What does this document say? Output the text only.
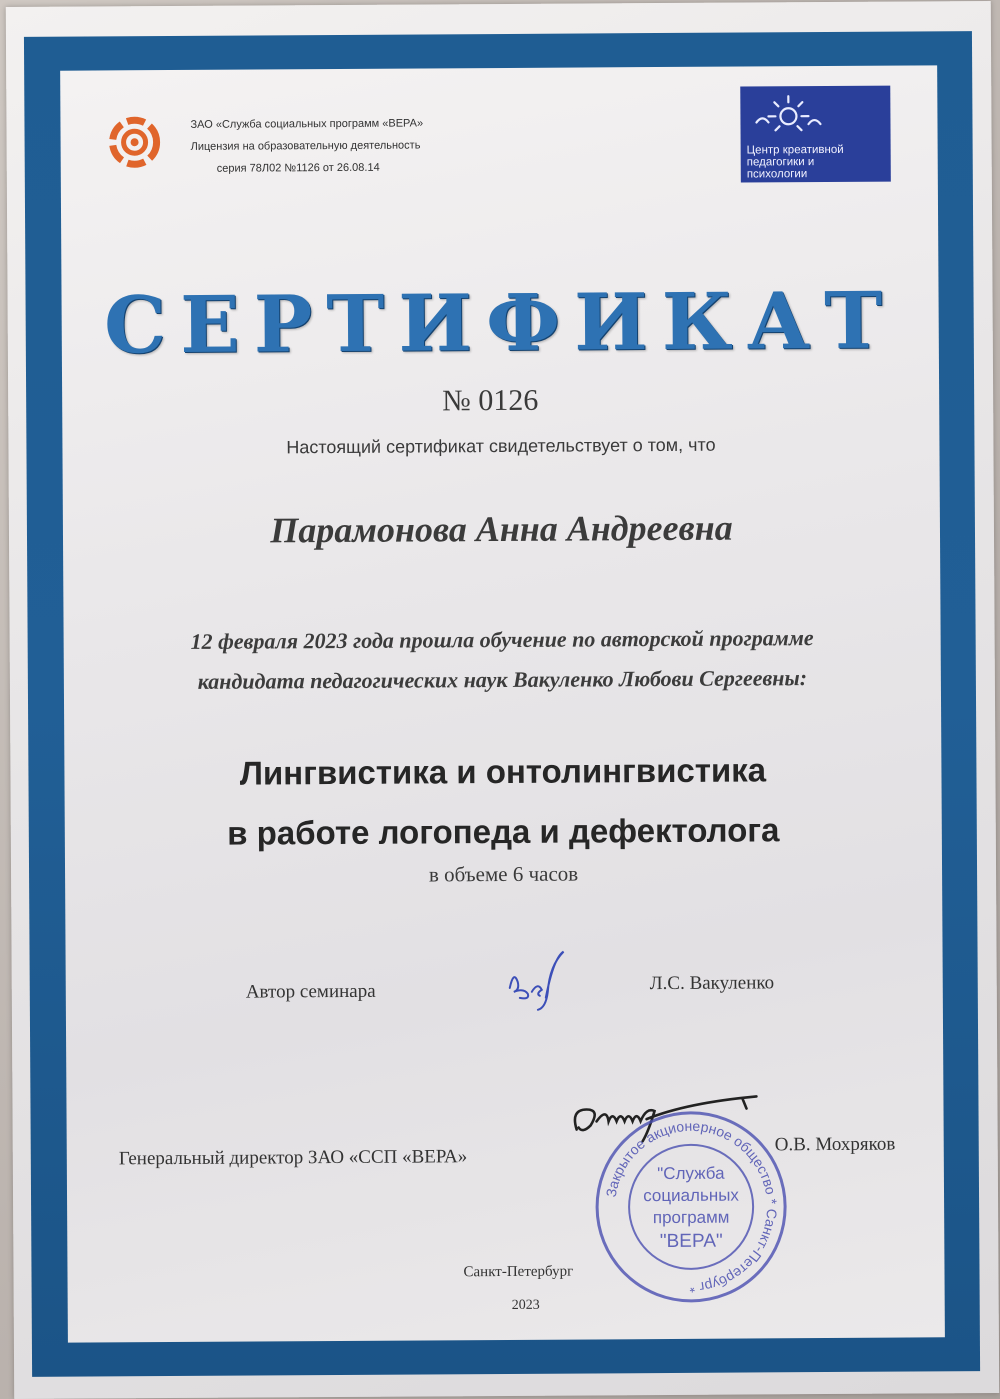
ЗАО «Служба социальных программ «ВЕРА»
Лицензия на образовательную деятельность
серия 78Л02 №1126 от 26.08.14
Центр креативной
педагогики и
психологии
СЕРТИФИКАТ
№ 0126
Настоящий сертификат свидетельствует о том, что
Парамонова Анна Андреевна
12 февраля 2023 года прошла обучение по авторской программе
кандидата педагогических наук Вакуленко Любови Сергеевны:
Лингвистика и онтолингвистика
в работе логопеда и дефектолога
в объеме 6 часов
Автор семинара	Л.С. Вакуленко
Генеральный директор ЗАО «ССП «ВЕРА»
О.В. Мохряков
Закрытое акционерное общество * Санкт-Петербург *
"Служба
социальных
программ
"ВЕРА"
Санкт-Петербург
2023
